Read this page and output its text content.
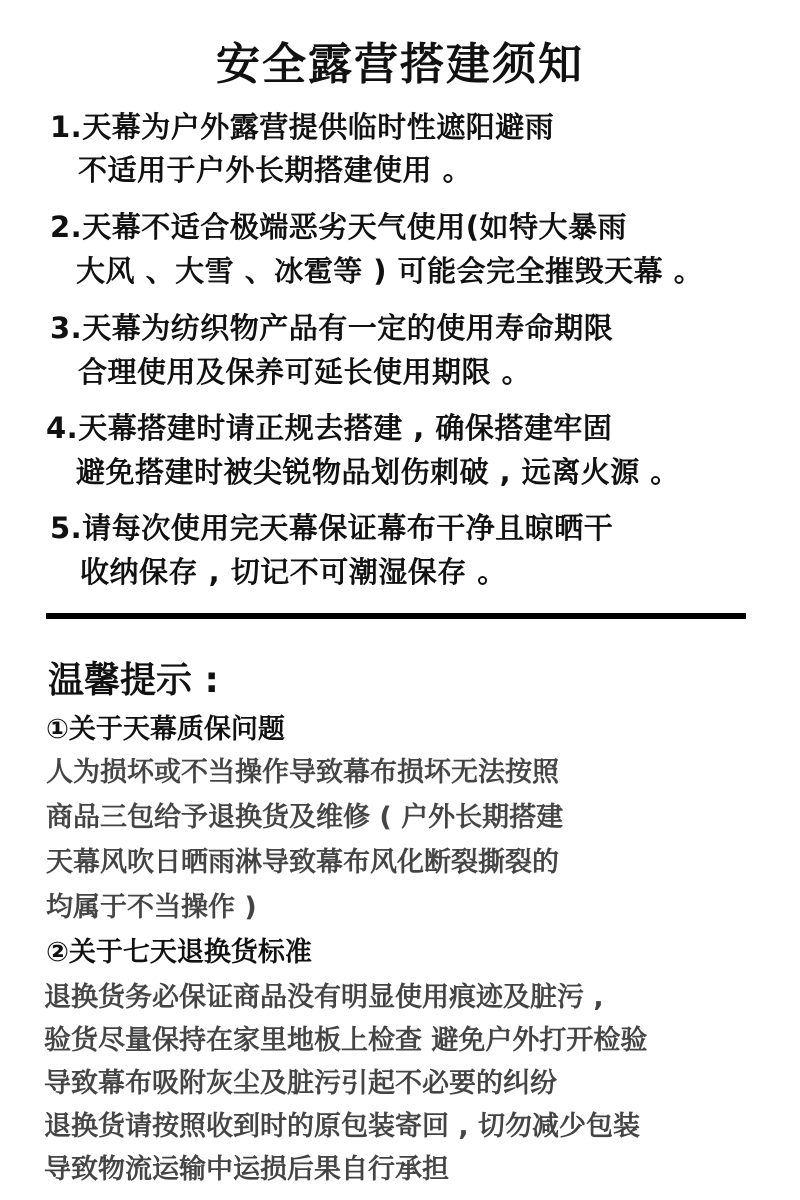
安全露营搭建须知
1.天幕为户外露营提供临时性遮阳避雨
不适用于户外长期搭建使用 。
2.天幕不适合极端恶劣天气使用(如特大暴雨
大风 、大雪 、冰雹等 ) 可能会完全摧毁天幕 。
3.天幕为纺织物产品有一定的使用寿命期限
合理使用及保养可延长使用期限 。
4.天幕搭建时请正规去搭建 , 确保搭建牢固
避免搭建时被尖锐物品划伤刺破 , 远离火源 。
5.请每次使用完天幕保证幕布干净且晾晒干
收纳保存 , 切记不可潮湿保存 。
温馨提示 :
①关于天幕质保问题
人为损坏或不当操作导致幕布损坏无法按照
商品三包给予退换货及维修 ( 户外长期搭建
天幕风吹日晒雨淋导致幕布风化断裂撕裂的
均属于不当操作 )
②关于七天退换货标准
退换货务必保证商品没有明显使用痕迹及脏污 ,
验货尽量保持在家里地板上检查 避免户外打开检验
导致幕布吸附灰尘及脏污引起不必要的纠纷
退换货请按照收到时的原包装寄回 , 切勿减少包装
导致物流运输中运损后果自行承担
